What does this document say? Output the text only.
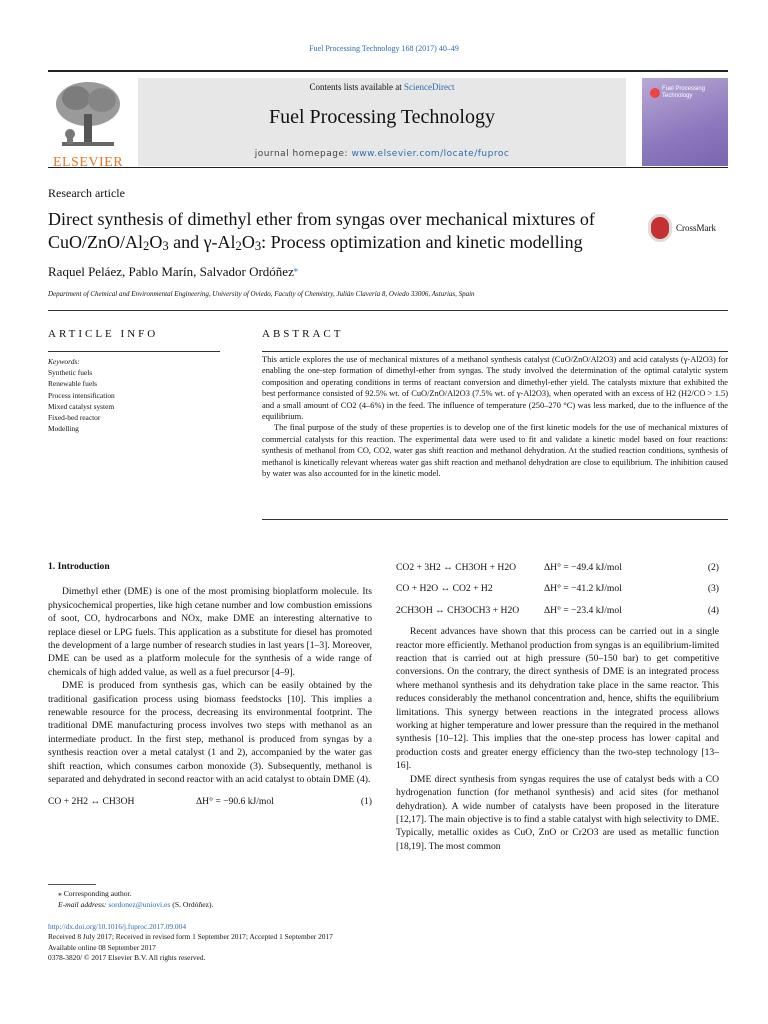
Fuel Processing Technology 168 (2017) 40–49
ELSEVIER
Contents lists available at ScienceDirect
Fuel Processing Technology
journal homepage: www.elsevier.com/locate/fuproc
Fuel Processing Technology
Research article
Direct synthesis of dimethyl ether from syngas over mechanical mixtures of CuO/$ZnO/Al_2O_3$ and $\gamma-Al_2O_3$: Process optimization and kinetic modelling
CrossMark
Raquel Peláez, Pablo Marín, Salvador Ordóñez⁎
Department of Chemical and Environmental Engineering, University of Oviedo, Faculty of Chemistry, Julián Clavería 8, Oviedo 33006, Asturias, Spain
ARTICLE INFO	ABSTRACT
Keywords:
Synthetic fuels
Renewable fuels
Process intensification
Mixed catalyst system
Fixed-bed reactor
Modelling

This article explores the use of mechanical mixtures of a methanol synthesis catalyst (CuO/ZnO/Al2O3) and acid catalysts (γ-Al2O3) for enabling the one-step formation of dimethyl-ether from syngas. The study involved the determination of the optimal catalytic system composition and operating conditions in terms of reactant conversion and dimethyl-ether yield. The catalysts mixture that exhibited the best performance consisted of 92.5% wt. of CuO/ZnO/Al2O3 (7.5% wt. of γ-Al2O3), when operated with an excess of H2 (H2/CO > 1.5) and a small amount of CO2 (4–6%) in the feed. The influence of temperature (250–270 °C) was less marked, due to the influence of the equilibrium.

The final purpose of the study of these properties is to develop one of the first kinetic models for the use of mechanical mixtures of commercial catalysts for this reaction. The experimental data were used to fit and validate a kinetic model based on four reactions: synthesis of methanol from CO, CO2, water gas shift reaction and methanol dehydration. At the studied reaction conditions, synthesis of methanol is kinetically relevant whereas water gas shift reaction and methanol dehydration are close to equilibrium. The inhibition caused by water was also accounted for in the kinetic model.

1. Introduction

Dimethyl ether (DME) is one of the most promising bioplatform molecule. Its physicochemical properties, like high cetane number and low combustion emissions of soot, CO, hydrocarbons and NOx, make DME an interesting alternative to replace diesel or LPG fuels. This application as a substitute for diesel has promoted the development of a large number of research studies in last years [1–3]. Moreover, DME can be used as a platform molecule for the synthesis of a wide range of chemicals of high added value, as well as a fuel precursor [4–9].

DME is produced from synthesis gas, which can be easily obtained by the traditional gasification process using biomass feedstocks [10]. This implies a renewable resource for the process, decreasing its environmental footprint. The traditional DME manufacturing process involves two steps with methanol as an intermediate product. In the first step, methanol is produced from syngas by a synthesis reaction over a metal catalyst (1 and 2), accompanied by the water gas shift reaction, which consumes carbon monoxide (3). Subsequently, methanol is separated and dehydrated in second reactor with an acid catalyst to obtain DME (4).

CO + 2H2 ↔ CH3OH	ΔH° = −90.6 kJ/mol	(1)
CO2 + 3H2 ↔ CH3OH + H2O	ΔH° = −49.4 kJ/mol	(2)
CO + H2O ↔ CO2 + H2	ΔH° = −41.2 kJ/mol	(3)
2CH3OH ↔ CH3OCH3 + H2O	ΔH° = −23.4 kJ/mol	(4)

Recent advances have shown that this process can be carried out in a single reactor more efficiently. Methanol production from syngas is an equilibrium-limited reaction that is carried out at high pressure (50–150 bar) to get competitive conversions. On the contrary, the direct synthesis of DME is an integrated process where methanol synthesis and its dehydration take place in the same reactor. This reduces considerably the methanol concentration and, hence, shifts the equilibrium limitations. This synergy between reactions in the integrated process allows working at higher temperature and lower pressure than the required in the methanol synthesis [10–12]. This implies that the one-step process has lower capital and production costs and greater energy efficiency than the two-step technology [13–16].

DME direct synthesis from syngas requires the use of catalyst beds with a CO hydrogenation function (for methanol synthesis) and acid sites (for methanol dehydration). A wide number of catalysts have been proposed in the literature [12,17]. The main objective is to find a stable catalyst with high selectivity to DME. Typically, metallic oxides as CuO, ZnO or Cr2O3 are used as metallic function [18,19]. The most common

⁎ Corresponding author.
E-mail address: sordonez@uniovi.es (S. Ordóñez).
http://dx.doi.org/10.1016/j.fuproc.2017.09.004
Received 8 July 2017; Received in revised form 1 September 2017; Accepted 1 September 2017
Available online 08 September 2017
0378-3820/ © 2017 Elsevier B.V. All rights reserved.
